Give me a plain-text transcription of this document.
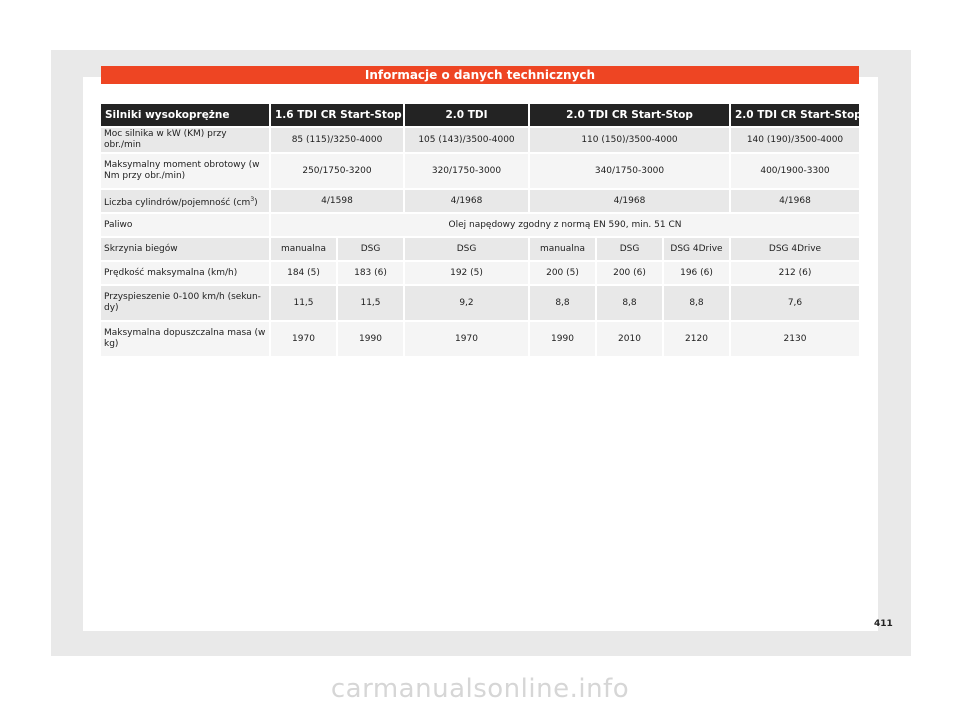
Informacje o danych technicznych
Silniki wysokoprężne	1.6 TDI CR Start-Stop		2.0 TDI	2.0 TDI CR Start-Stop			2.0 TDI CR Start-Stop
Moc silnika w kW (KM) przy obr./min	85 (115)/3250-4000		105 (143)/3500-4000	110 (150)/3500-4000			140 (190)/3500-4000
Maksymalny moment obrotowy (w Nm przy obr./min)	250/1750-3200		320/1750-3000	340/1750-3000			400/1900-3300
Liczba cylindrów/pojemność $(cm^3)$	4/1598		4/1968	4/1968			4/1968
Paliwo	Olej napędowy zgodny z normą EN 590, min. 51 CN						
Skrzynia biegów	manualna	DSG	DSG	manualna	DSG	DSG 4Drive	DSG 4Drive
Prędkość maksymalna (km/h)	184 (5)	183 (6)	192 (5)	200 (5)	200 (6)	196 (6)	212 (6)
Przyspieszenie 0-100 km/h (sekun-dy)	11,5	11,5	9,2	8,8	8,8	8,8	7,6
Maksymalna dopuszczalna masa (w kg)	1970	1990	1970	1990	2010	2120	2130
411
carmanualsonline.info
